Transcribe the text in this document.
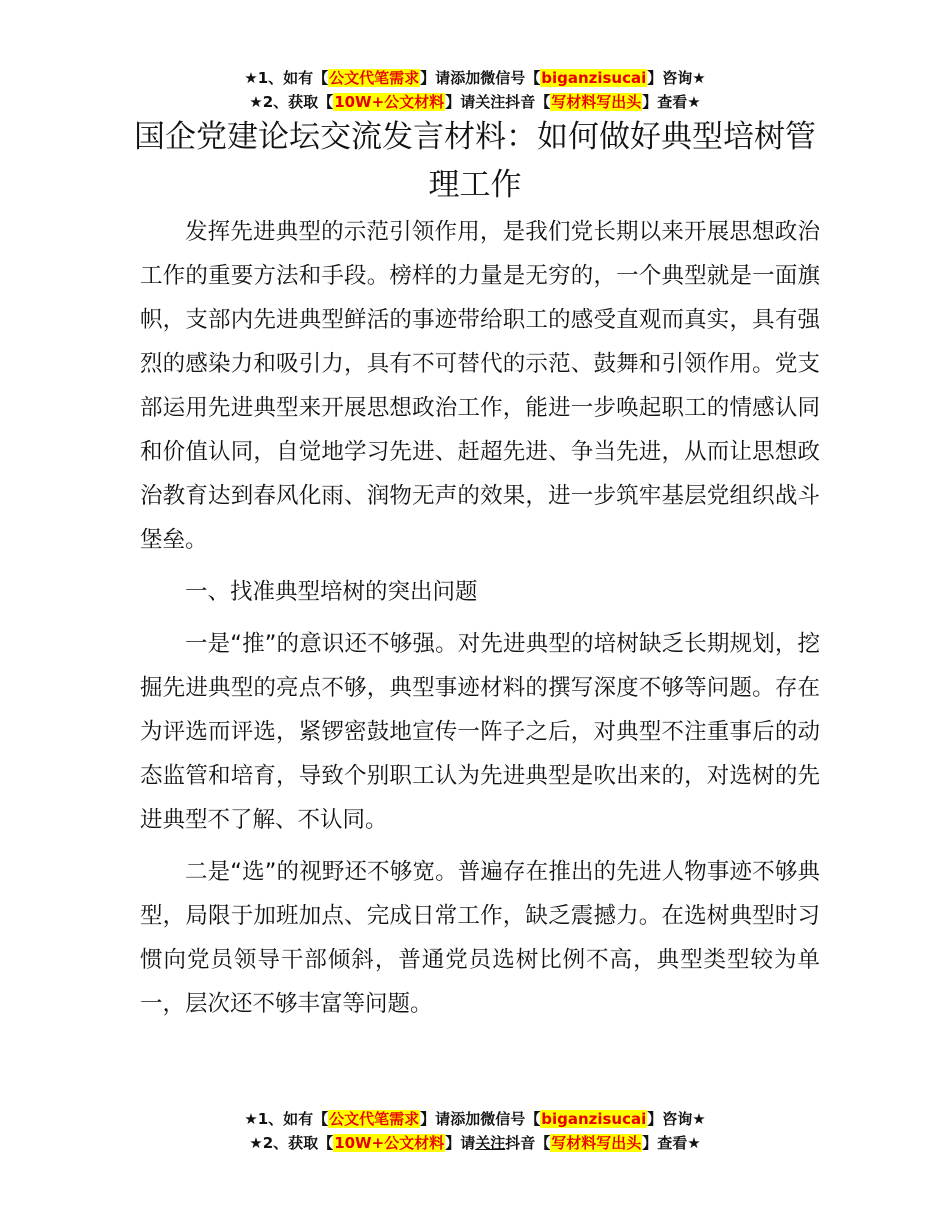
★1、如有【公文代笔需求】请添加微信号【biganzisucai】咨询★
★2、获取【10W+公文材料】请关注抖音【写材料写出头】查看★
国企党建论坛交流发言材料：如何做好典型培树管理工作

发挥先进典型的示范引领作用，是我们党长期以来开展思想政治工作的重要方法和手段。榜样的力量是无穷的，一个典型就是一面旗帜，支部内先进典型鲜活的事迹带给职工的感受直观而真实，具有强烈的感染力和吸引力，具有不可替代的示范、鼓舞和引领作用。党支部运用先进典型来开展思想政治工作，能进一步唤起职工的情感认同和价值认同，自觉地学习先进、赶超先进、争当先进，从而让思想政治教育达到春风化雨、润物无声的效果，进一步筑牢基层党组织战斗堡垒。

一、找准典型培树的突出问题

一是“推”的意识还不够强。对先进典型的培树缺乏长期规划，挖掘先进典型的亮点不够，典型事迹材料的撰写深度不够等问题。存在为评选而评选，紧锣密鼓地宣传一阵子之后，对典型不注重事后的动态监管和培育，导致个别职工认为先进典型是吹出来的，对选树的先进典型不了解、不认同。

二是“选”的视野还不够宽。普遍存在推出的先进人物事迹不够典型，局限于加班加点、完成日常工作，缺乏震撼力。在选树典型时习惯向党员领导干部倾斜，普通党员选树比例不高，典型类型较为单一，层次还不够丰富等问题。

★1、如有【公文代笔需求】请添加微信号【biganzisucai】咨询★
★2、获取【10W+公文材料】请关注抖音【写材料写出头】查看★
